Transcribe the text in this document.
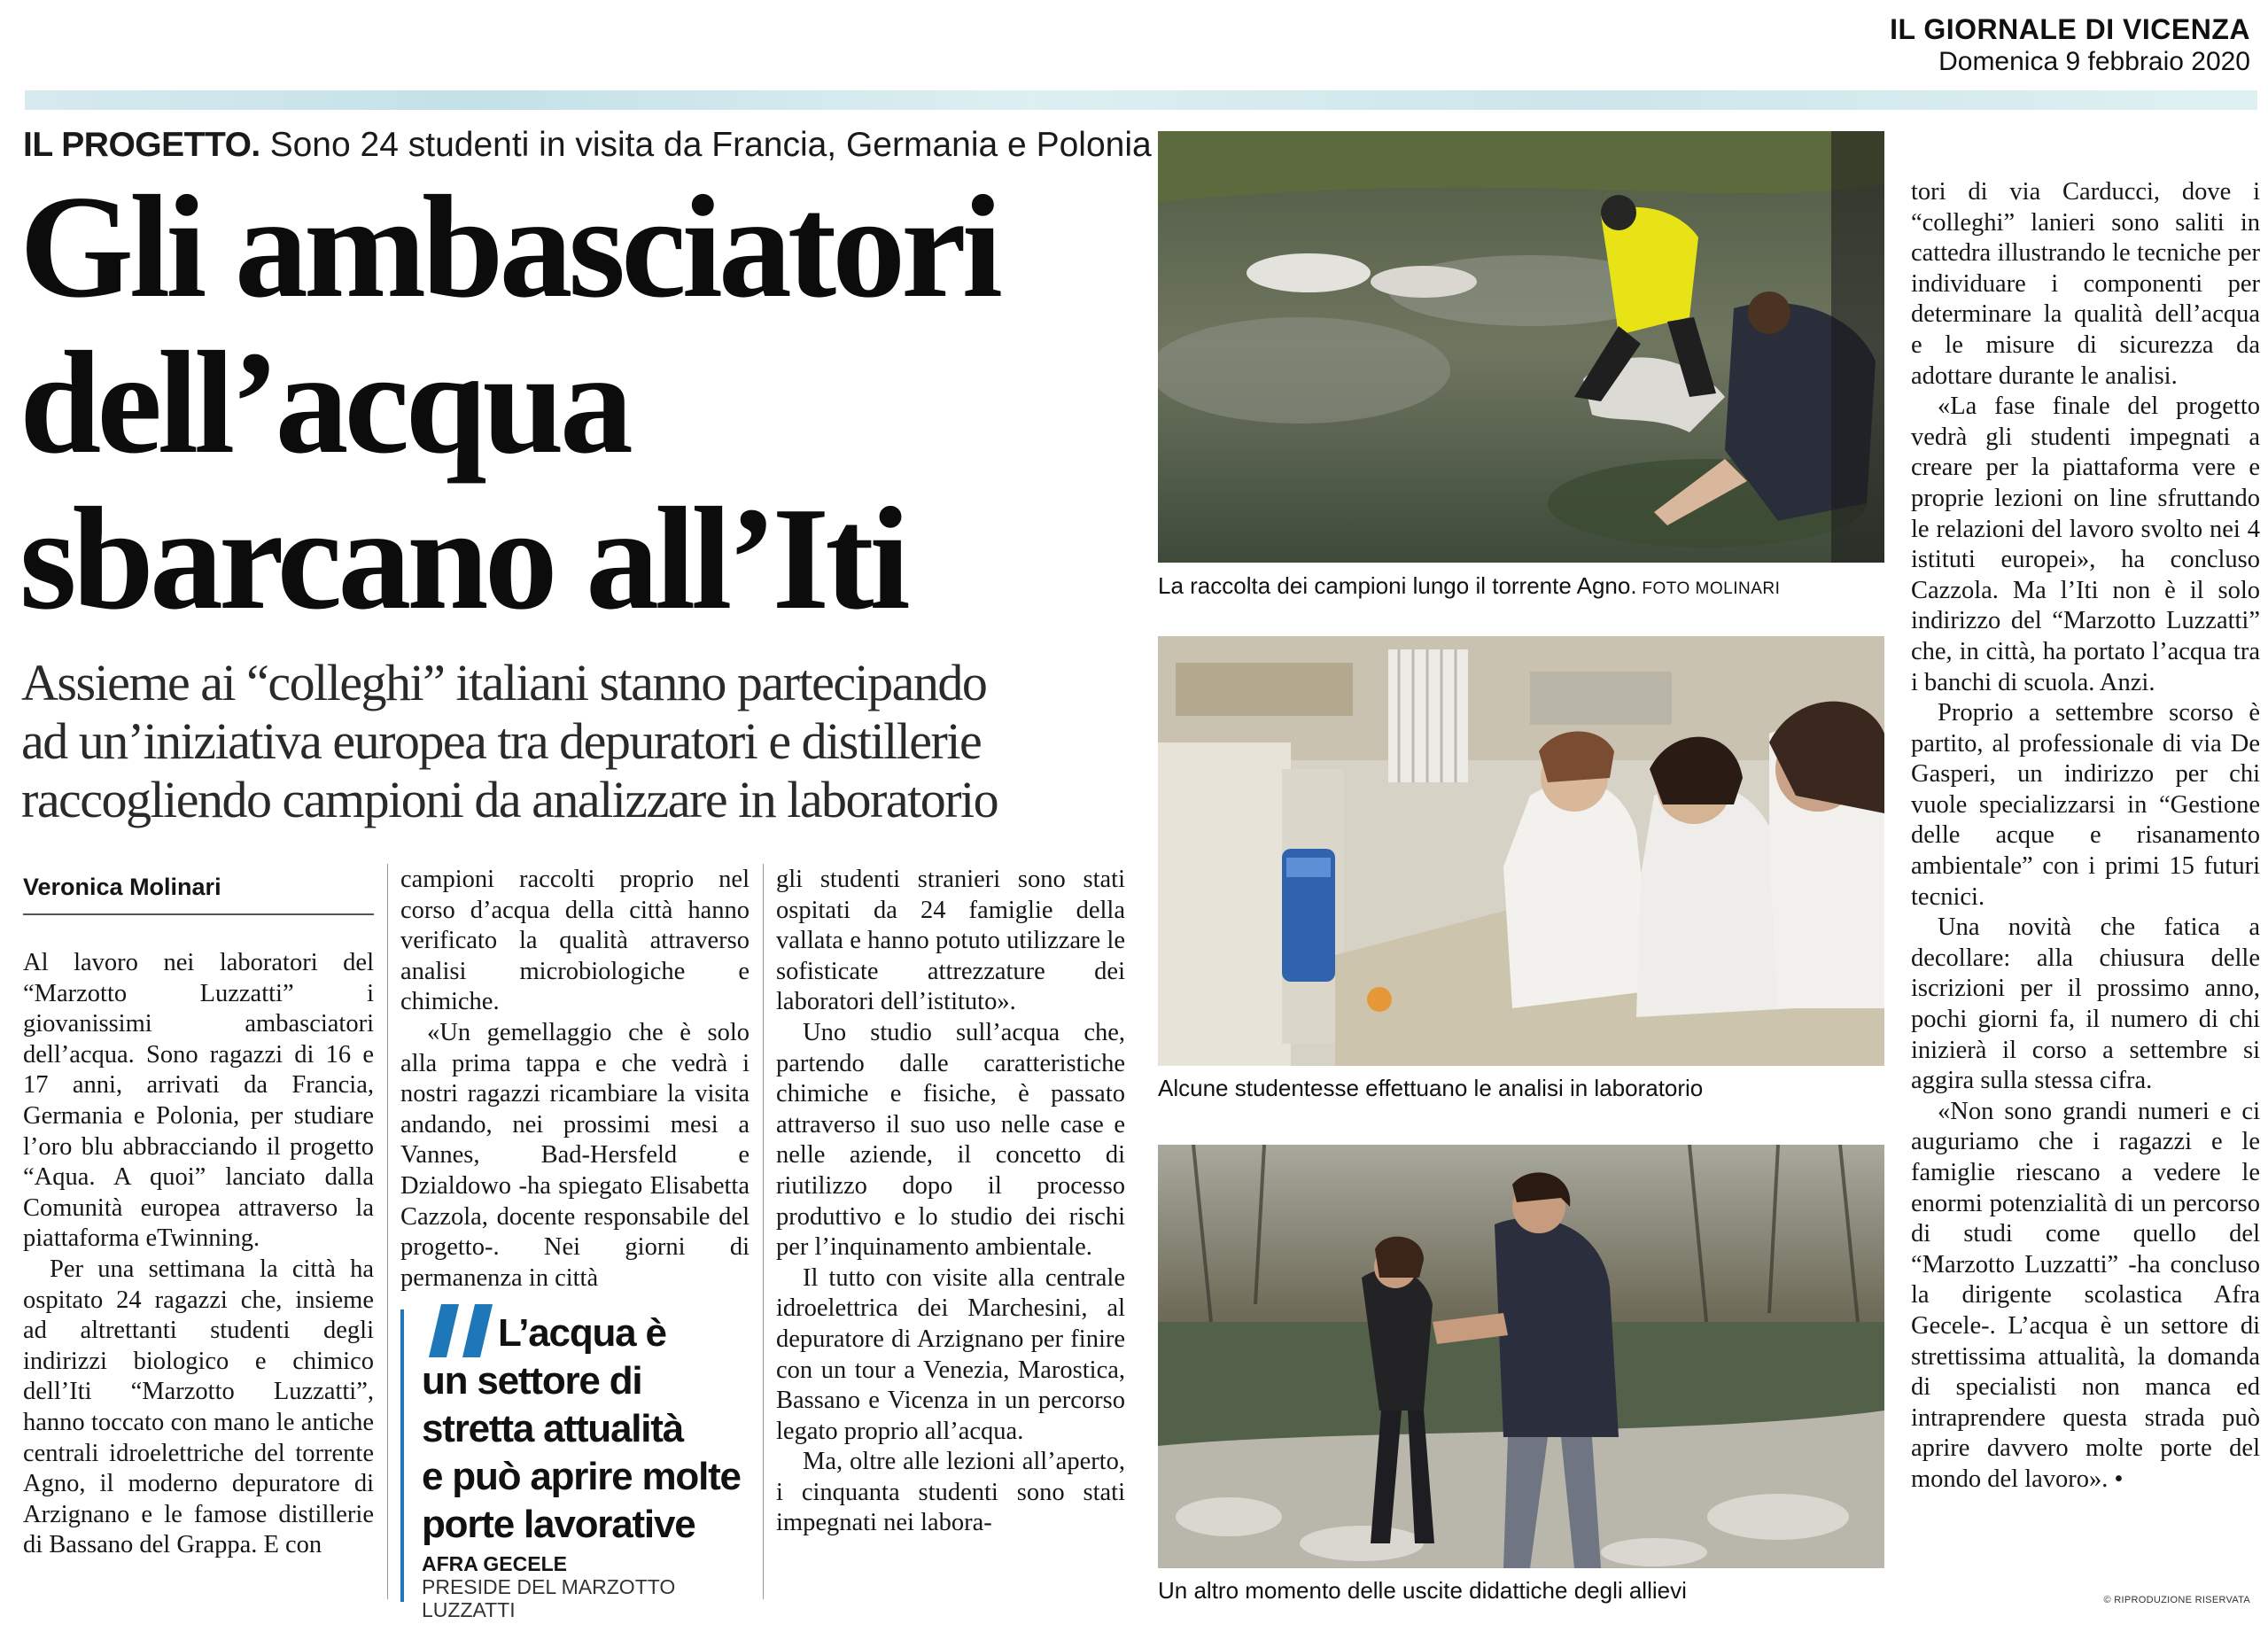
IL GIORNALE DI VICENZA
Domenica 9 febbraio 2020
IL PROGETTO. Sono 24 studenti in visita da Francia, Germania e Polonia
Gli ambasciatori
dell’acqua
sbarcano all’Iti
Assieme ai “colleghi” italiani stanno partecipando
ad un’iniziativa europea tra depuratori e distillerie
raccogliendo campioni da analizzare in laboratorio
Veronica Molinari

Al lavoro nei laboratori del “Marzotto Luzzatti” i giovanissimi ambasciatori dell’acqua. Sono ragazzi di 16 e 17 anni, arrivati da Francia, Germania e Polonia, per studiare l’oro blu abbracciando il progetto “Aqua. A quoi” lanciato dalla Comunità europea attraverso la piattaforma eTwinning.

Per una settimana la città ha ospitato 24 ragazzi che, insieme ad altrettanti studenti degli indirizzi biologico e chimico dell’Iti “Marzotto Luzzatti”, hanno toccato con mano le antiche centrali idroelettriche del torrente Agno, il moderno depuratore di Arzignano e le famose distillerie di Bassano del Grappa. E con

campioni raccolti proprio nel corso d’acqua della città hanno verificato la qualità attraverso analisi microbiologiche e chimiche.

«Un gemellaggio che è solo alla prima tappa e che vedrà i nostri ragazzi ricambiare la visita andando, nei prossimi mesi a Vannes, Bad-Hersfeld e Dzialdowo -ha spiegato Elisabetta Cazzola, docente responsabile del progetto-. Nei giorni di permanenza in città

L’acqua è
un settore di
stretta attualità
e può aprire molte
porte lavorative
AFRA GECELE
PRESIDE DEL MARZOTTO LUZZATTI

gli studenti stranieri sono stati ospitati da 24 famiglie della vallata e hanno potuto utilizzare le sofisticate attrezzature dei laboratori dell’istituto».

Uno studio sull’acqua che, partendo dalle caratteristiche chimiche e fisiche, è passato attraverso il suo uso nelle case e nelle aziende, il concetto di riutilizzo dopo il processo produttivo e lo studio dei rischi per l’inquinamento ambientale.

Il tutto con visite alla centrale idroelettrica dei Marchesini, al depuratore di Arzignano per finire con un tour a Venezia, Marostica, Bassano e Vicenza in un percorso legato proprio all’acqua.

Ma, oltre alle lezioni all’aperto, i cinquanta studenti sono stati impegnati nei labora-

La raccolta dei campioni lungo il torrente Agno. FOTO MOLINARI
Alcune studentesse effettuano le analisi in laboratorio
Un altro momento delle uscite didattiche degli allievi

tori di via Carducci, dove i “colleghi” lanieri sono saliti in cattedra illustrando le tecniche per individuare i componenti per determinare la qualità dell’acqua e le misure di sicurezza da adottare durante le analisi.

«La fase finale del progetto vedrà gli studenti impegnati a creare per la piattaforma vere e proprie lezioni on line sfruttando le relazioni del lavoro svolto nei 4 istituti europei», ha concluso Cazzola. Ma l’Iti non è il solo indirizzo del “Marzotto Luzzatti” che, in città, ha portato l’acqua tra i banchi di scuola. Anzi.

Proprio a settembre scorso è partito, al professionale di via De Gasperi, un indirizzo per chi vuole specializzarsi in “Gestione delle acque e risanamento ambientale” con i primi 15 futuri tecnici.

Una novità che fatica a decollare: alla chiusura delle iscrizioni per il prossimo anno, pochi giorni fa, il numero di chi inizierà il corso a settembre si aggira sulla stessa cifra.

«Non sono grandi numeri e ci auguriamo che i ragazzi e le famiglie riescano a vedere le enormi potenzialità di un percorso di studi come quello del “Marzotto Luzzatti” -ha concluso la dirigente scolastica Afra Gecele-. L’acqua è un settore di strettissima attualità, la domanda di specialisti non manca ed intraprendere questa strada può aprire davvero molte porte del mondo del lavoro». •

© RIPRODUZIONE RISERVATA
